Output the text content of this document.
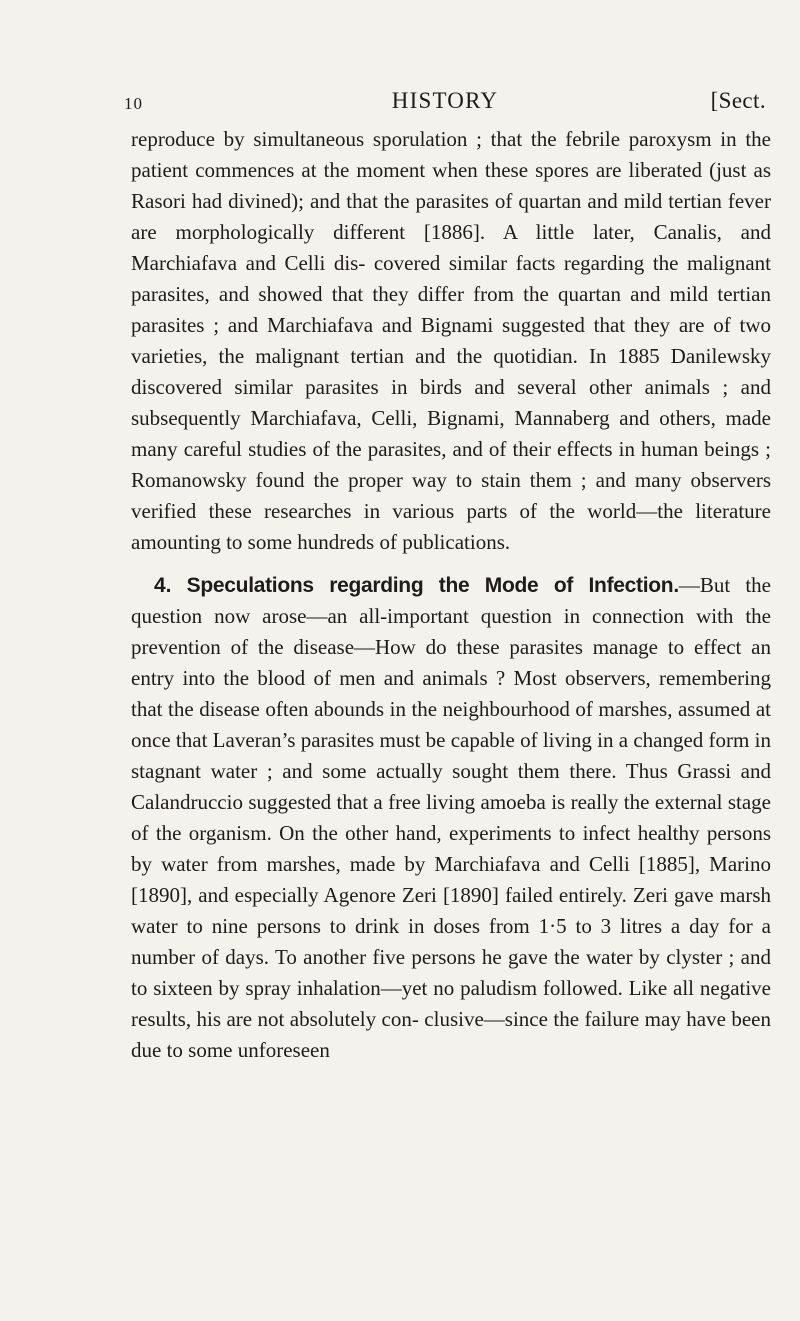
10	HISTORY	[Sect.

reproduce by simultaneous sporulation ; that the febrile paroxysm in the patient commences at the moment when these spores are liberated (just as Rasori had divined); and that the parasites of quartan and mild tertian fever are morphologically different [1886]. A little later, Canalis, and Marchiafava and Celli dis- covered similar facts regarding the malignant parasites, and showed that they differ from the quartan and mild tertian parasites ; and Marchiafava and Bignami suggested that they are of two varieties, the malignant tertian and the quotidian. In 1885 Danilewsky discovered similar parasites in birds and several other animals ; and subsequently Marchiafava, Celli, Bignami, Mannaberg and others, made many careful studies of the parasites, and of their effects in human beings ; Romanowsky found the proper way to stain them ; and many observers verified these researches in various parts of the world—the literature amounting to some hundreds of publications.

4. Speculations regarding the Mode of Infection.—But the question now arose—an all-important question in connection with the prevention of the disease—How do these parasites manage to effect an entry into the blood of men and animals ? Most observers, remembering that the disease often abounds in the neighbourhood of marshes, assumed at once that Laveran’s parasites must be capable of living in a changed form in stagnant water ; and some actually sought them there. Thus Grassi and Calandruccio suggested that a free living amoeba is really the external stage of the organism. On the other hand, experiments to infect healthy persons by water from marshes, made by Marchiafava and Celli [1885], Marino [1890], and especially Agenore Zeri [1890] failed entirely. Zeri gave marsh water to nine persons to drink in doses from 1·5 to 3 litres a day for a number of days. To another five persons he gave the water by clyster ; and to sixteen by spray inhalation—yet no paludism followed. Like all negative results, his are not absolutely con- clusive—since the failure may have been due to some unforeseen
